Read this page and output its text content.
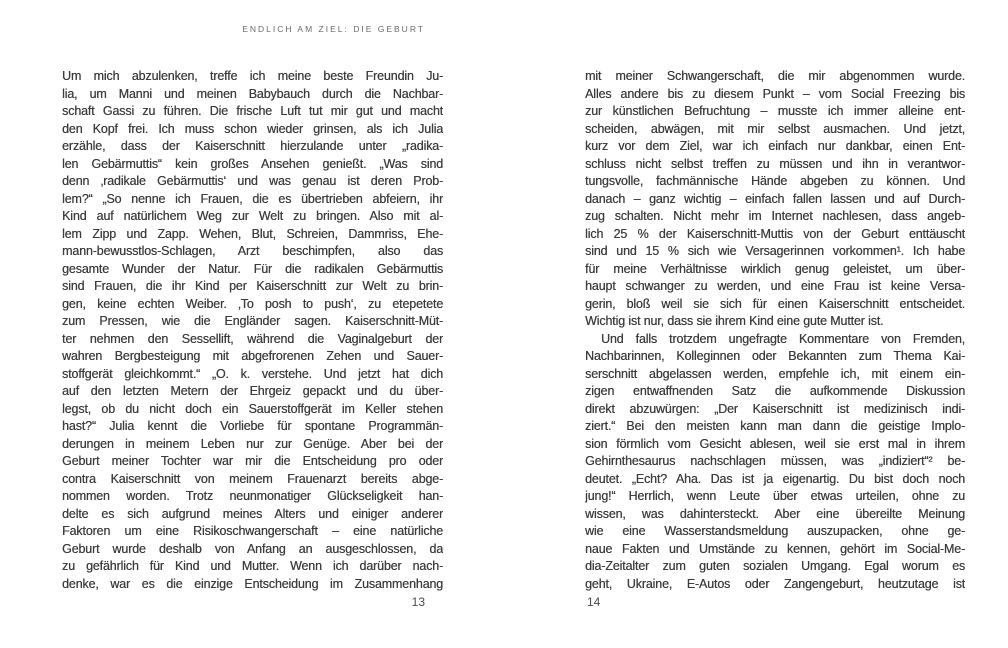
ENDLICH AM ZIEL: DIE GEBURT
Um mich abzulenken, treffe ich meine beste Freundin Ju-
lia, um Manni und meinen Babybauch durch die Nachbar-
schaft Gassi zu führen. Die frische Luft tut mir gut und macht
den Kopf frei. Ich muss schon wieder grinsen, als ich Julia
erzähle, dass der Kaiserschnitt hierzulande unter „radika-
len Gebärmuttis“ kein großes Ansehen genießt. „Was sind
denn ‚radikale Gebärmuttis‘ und was genau ist deren Prob-
lem?“ „So nenne ich Frauen, die es übertrieben abfeiern, ihr
Kind auf natürlichem Weg zur Welt zu bringen. Also mit al-
lem Zipp und Zapp. Wehen, Blut, Schreien, Dammriss, Ehe-
mann-bewusstlos-Schlagen, Arzt beschimpfen, also das
gesamte Wunder der Natur. Für die radikalen Gebärmuttis
sind Frauen, die ihr Kind per Kaiserschnitt zur Welt zu brin-
gen, keine echten Weiber. ‚To posh to push‘, zu etepetete
zum Pressen, wie die Engländer sagen. Kaiserschnitt-Müt-
ter nehmen den Sessellift, während die Vaginalgeburt der
wahren Bergbesteigung mit abgefrorenen Zehen und Sauer-
stoffgerät gleichkommt.“ „O. k. verstehe. Und jetzt hat dich
auf den letzten Metern der Ehrgeiz gepackt und du über-
legst, ob du nicht doch ein Sauerstoffgerät im Keller stehen
hast?“ Julia kennt die Vorliebe für spontane Programmän-
derungen in meinem Leben nur zur Genüge. Aber bei der
Geburt meiner Tochter war mir die Entscheidung pro oder
contra Kaiserschnitt von meinem Frauenarzt bereits abge-
nommen worden. Trotz neunmonatiger Glückseligkeit han-
delte es sich aufgrund meines Alters und einiger anderer
Faktoren um eine Risikoschwangerschaft – eine natürliche
Geburt wurde deshalb von Anfang an ausgeschlossen, da
zu gefährlich für Kind und Mutter. Wenn ich darüber nach-
denke, war es die einzige Entscheidung im Zusammenhang
mit meiner Schwangerschaft, die mir abgenommen wurde.
Alles andere bis zu diesem Punkt – vom Social Freezing bis
zur künstlichen Befruchtung – musste ich immer alleine ent-
scheiden, abwägen, mit mir selbst ausmachen. Und jetzt,
kurz vor dem Ziel, war ich einfach nur dankbar, einen Ent-
schluss nicht selbst treffen zu müssen und ihn in verantwor-
tungsvolle, fachmännische Hände abgeben zu können. Und
danach – ganz wichtig – einfach fallen lassen und auf Durch-
zug schalten. Nicht mehr im Internet nachlesen, dass angeb-
lich 25 % der Kaiserschnitt-Muttis von der Geburt enttäuscht
sind und 15 % sich wie Versagerinnen vorkommen¹. Ich habe
für meine Verhältnisse wirklich genug geleistet, um über-
haupt schwanger zu werden, und eine Frau ist keine Versa-
gerin, bloß weil sie sich für einen Kaiserschnitt entscheidet.
Wichtig ist nur, dass sie ihrem Kind eine gute Mutter ist.
Und falls trotzdem ungefragte Kommentare von Fremden,
Nachbarinnen, Kolleginnen oder Bekannten zum Thema Kai-
serschnitt abgelassen werden, empfehle ich, mit einem ein-
zigen entwaffnenden Satz die aufkommende Diskussion
direkt abzuwürgen: „Der Kaiserschnitt ist medizinisch indi-
ziert.“ Bei den meisten kann man dann die geistige Implo-
sion förmlich vom Gesicht ablesen, weil sie erst mal in ihrem
Gehirnthesaurus nachschlagen müssen, was „indiziert“² be-
deutet. „Echt? Aha. Das ist ja eigenartig. Du bist doch noch
jung!“ Herrlich, wenn Leute über etwas urteilen, ohne zu
wissen, was dahintersteckt. Aber eine übereilte Meinung
wie eine Wasserstandsmeldung auszupacken, ohne ge-
naue Fakten und Umstände zu kennen, gehört im Social-Me-
dia-Zeitalter zum guten sozialen Umgang. Egal worum es
geht, Ukraine, E-Autos oder Zangengeburt, heutzutage ist
13	14
